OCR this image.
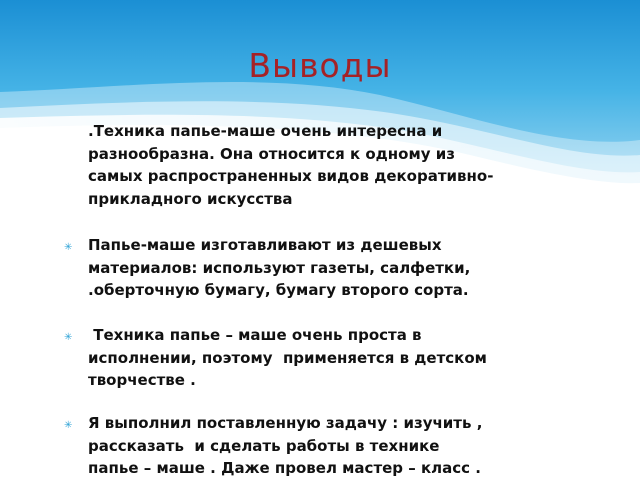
Выводы
.Техника папье-маше очень интересна и
разнообразна. Она относится к одному из
самых распространенных видов декоративно-
прикладного искусства
✳ Папье-маше изготавливают из дешевых
материалов: используют газеты, салфетки,
.оберточную бумагу, бумагу второго сорта.
✳	Техника папье – маше очень проста в
исполнении, поэтому  применяется в детском
творчестве .
✳ Я выполнил поставленную задачу : изучить ,
рассказать  и сделать работы в технике
папье – маше . Даже провел мастер – класс .
